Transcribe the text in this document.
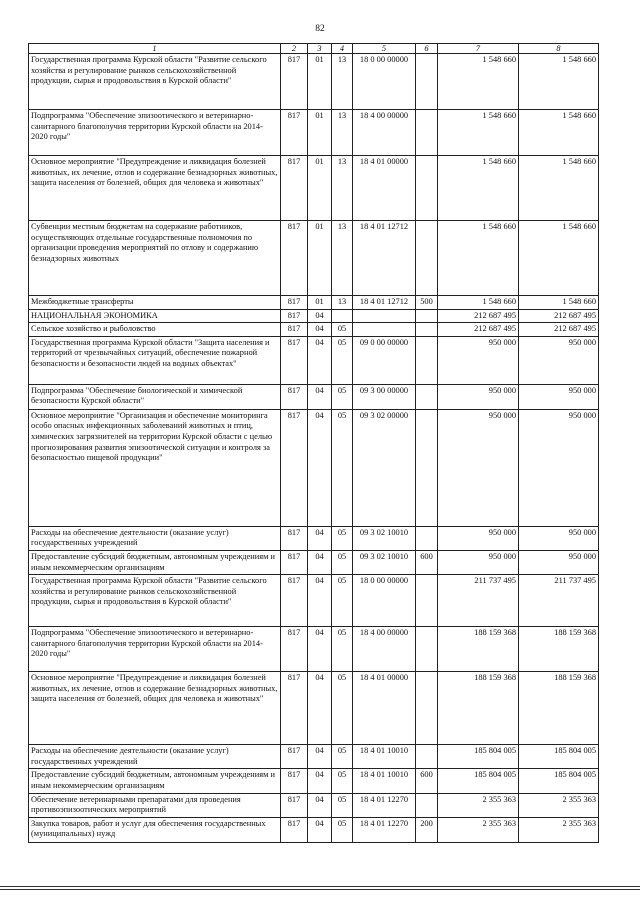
82
1	2	3	4	5	6	7	8
Государственная программа Курской области "Развитие сельского хозяйства и регулирование рынков сельскохозяйственной продукции, сырья и продовольствия в Курской области"	817	01	13	18 0 00 00000		1 548 660	1 548 660
Подпрограмма "Обеспечение эпизоотического и ветеринарно-санитарного благополучия территории Курской области на 2014-2020 годы"	817	01	13	18 4 00 00000		1 548 660	1 548 660
Основное мероприятие "Предупреждение и ликвидация болезней животных, их лечение, отлов и содержание безнадзорных животных, защита населения от болезней, общих для человека и животных"	817	01	13	18 4 01 00000		1 548 660	1 548 660
Субвенции местным бюджетам на содержание работников, осуществляющих отдельные государственные полномочия по организации проведения мероприятий по отлову и содержанию безнадзорных животных	817	01	13	18 4 01 12712		1 548 660	1 548 660
Межбюджетные трансферты	817	01	13	18 4 01 12712	500	1 548 660	1 548 660
НАЦИОНАЛЬНАЯ ЭКОНОМИКА	817	04				212 687 495	212 687 495
Сельское хозяйство и рыболовство	817	04	05			212 687 495	212 687 495
Государственная программа Курской области "Защита населения и территорий от чрезвычайных ситуаций, обеспечение пожарной безопасности и безопасности людей на водных объектах"	817	04	05	09 0 00 00000		950 000	950 000
Подпрограмма "Обеспечение биологической и химической безопасности Курской области"	817	04	05	09 3 00 00000		950 000	950 000
Основное мероприятие "Организация и обеспечение мониторинга особо опасных инфекционных заболеваний животных и птиц, химических загрязнителей на территории Курской области с целью прогнозирования развития эпизоотической ситуации и контроля за безопасностью пищевой продукции"	817	04	05	09 3 02 00000		950 000	950 000
Расходы на обеспечение деятельности (оказание услуг) государственных учреждений	817	04	05	09 3 02 10010		950 000	950 000
Предоставление субсидий бюджетным, автономным учреждениям и иным некоммерческим организациям	817	04	05	09 3 02 10010	600	950 000	950 000
Государственная программа Курской области "Развитие сельского хозяйства и регулирование рынков сельскохозяйственной продукции, сырья и продовольствия в Курской области"	817	04	05	18 0 00 00000		211 737 495	211 737 495
Подпрограмма "Обеспечение эпизоотического и ветеринарно-санитарного благополучия территории Курской области на 2014-2020 годы"	817	04	05	18 4 00 00000		188 159 368	188 159 368
Основное мероприятие "Предупреждение и ликвидация болезней животных, их лечение, отлов и содержание безнадзорных животных, защита населения от болезней, общих для человека и животных"	817	04	05	18 4 01 00000		188 159 368	188 159 368
Расходы на обеспечение деятельности (оказание услуг) государственных учреждений	817	04	05	18 4 01 10010		185 804 005	185 804 005
Предоставление субсидий бюджетным, автономным учреждениям и иным некоммерческим организациям	817	04	05	18 4 01 10010	600	185 804 005	185 804 005
Обеспечение ветеринарными препаратами для проведения противоэпизоотических мероприятий	817	04	05	18 4 01 12270		2 355 363	2 355 363
Закупка товаров, работ и услуг для обеспечения государственных (муниципальных) нужд	817	04	05	18 4 01 12270	200	2 355 363	2 355 363
